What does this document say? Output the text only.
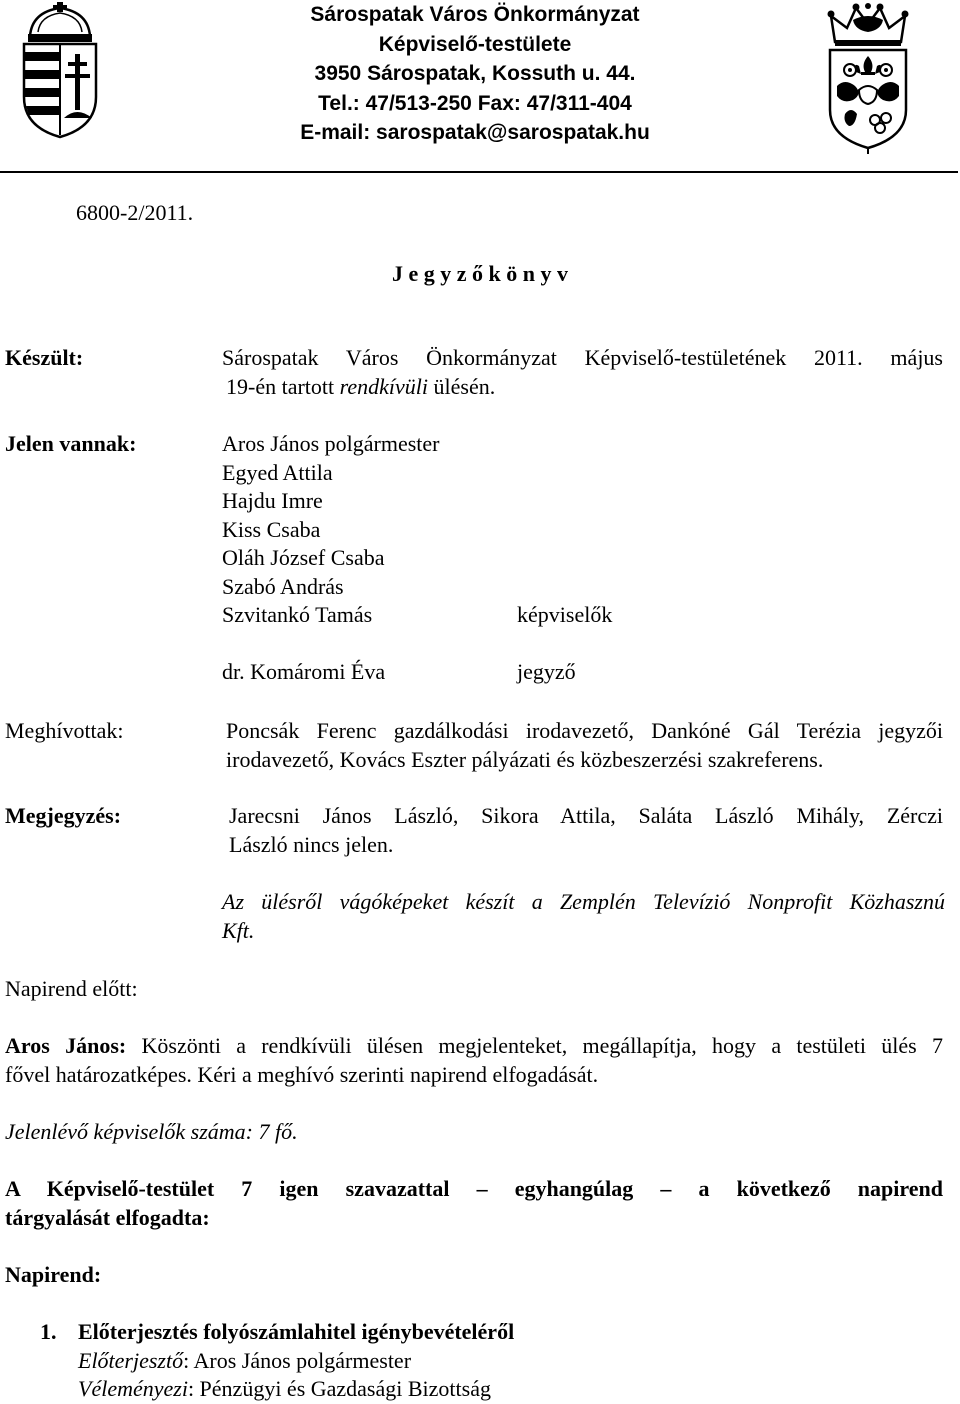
Sárospatak Város Önkormányzat
Képviselő-testülete
3950 Sárospatak, Kossuth u. 44.
Tel.: 47/513-250 Fax: 47/311-404
E-mail: sarospatak@sarospatak.hu
6800-2/2011.
J e g y z ő k ö n y v
Készült:	Sárospatak Város Önkormányzat Képviselő-testületének 2011. május
19-én tartott rendkívüli ülésén.
Jelen vannak:	Aros János polgármester
Egyed Attila
Hajdu Imre
Kiss Csaba
Oláh József Csaba
Szabó András
Szvitankó Tamás	képviselők
dr. Komáromi Éva	jegyző
Meghívottak:	Poncsák Ferenc gazdálkodási irodavezető, Dankóné Gál Terézia jegyzői
irodavezető, Kovács Eszter pályázati és közbeszerzési szakreferens.
Megjegyzés:	Jarecsni János László, Sikora Attila, Saláta László Mihály, Zérczi
László nincs jelen.
Az ülésről vágóképeket készít a Zemplén Televízió Nonprofit Közhasznú
Kft.
Napirend előtt:
Aros János: Köszönti a rendkívüli ülésen megjelenteket, megállapítja, hogy a testületi ülés 7
fővel határozatképes. Kéri a meghívó szerinti napirend elfogadását.
Jelenlévő képviselők száma: 7 fő.
A Képviselő-testület 7 igen szavazattal – egyhangúlag – a következő napirend
tárgyalását elfogadta:
Napirend:
1. Előterjesztés folyószámlahitel igénybevételéről
Előterjesztő: Aros János polgármester
Véleményezi: Pénzügyi és Gazdasági Bizottság
